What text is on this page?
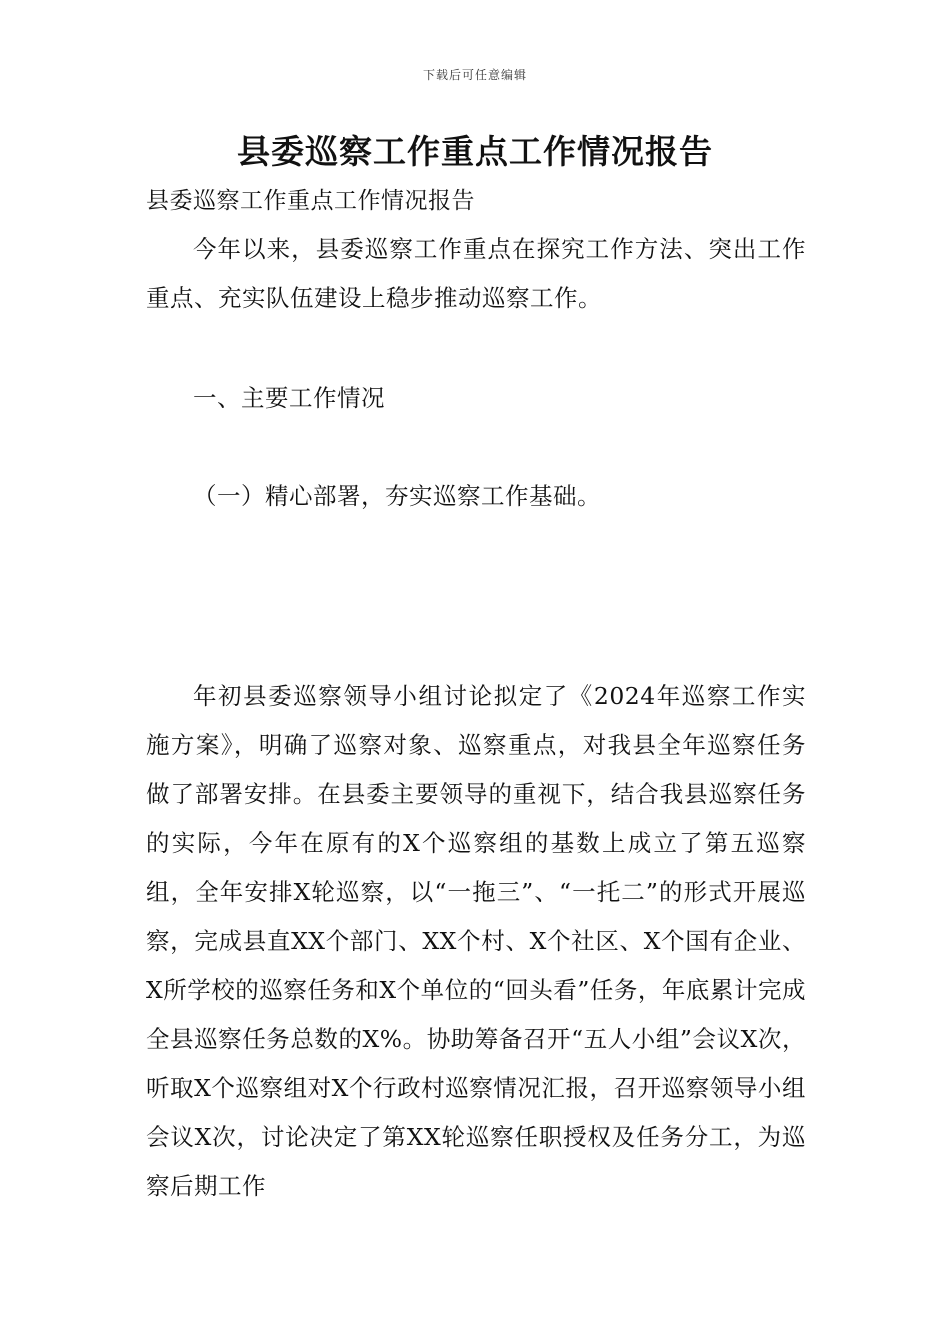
下载后可任意编辑
县委巡察工作重点工作情况报告
县委巡察工作重点工作情况报告

今年以来，县委巡察工作重点在探究工作方法、突出工作重点、充实队伍建设上稳步推动巡察工作。

一、主要工作情况

（一）精心部署，夯实巡察工作基础。

年初县委巡察领导小组讨论拟定了《2024年巡察工作实施方案》，明确了巡察对象、巡察重点，对我县全年巡察任务做了部署安排。在县委主要领导的重视下，结合我县巡察任务的实际，今年在原有的X个巡察组的基数上成立了第五巡察组，全年安排X轮巡察，以“一拖三”、“一托二”的形式开展巡察，完成县直XX个部门、XX个村、X个社区、X个国有企业、X所学校的巡察任务和X个单位的“回头看”任务，年底累计完成全县巡察任务总数的X%。协助筹备召开“五人小组”会议X次，听取X个巡察组对X个行政村巡察情况汇报，召开巡察领导小组会议X次，讨论决定了第XX轮巡察任职授权及任务分工，为巡察后期工作
